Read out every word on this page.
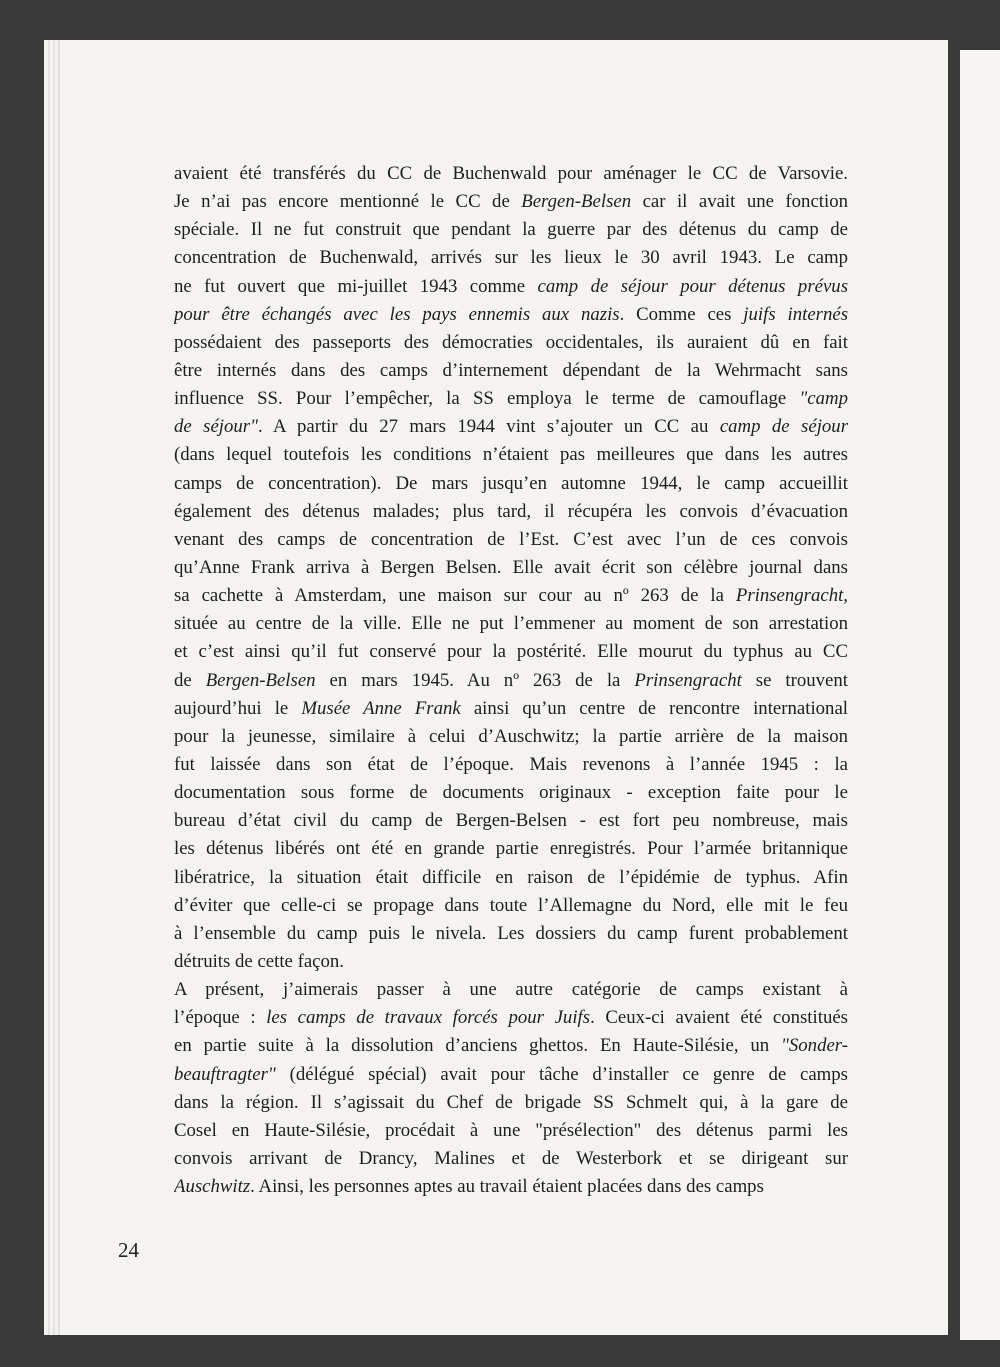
avaient été transférés du CC de Buchenwald pour aménager le CC de Varsovie.
Je n’ai pas encore mentionné le CC de Bergen-Belsen car il avait une fonction
spéciale. Il ne fut construit que pendant la guerre par des détenus du camp de
concentration de Buchenwald, arrivés sur les lieux le 30 avril 1943. Le camp
ne fut ouvert que mi-juillet 1943 comme camp de séjour pour détenus prévus
pour être échangés avec les pays ennemis aux nazis. Comme ces juifs internés
possédaient des passeports des démocraties occidentales, ils auraient dû en fait
être internés dans des camps d’internement dépendant de la Wehrmacht sans
influence SS. Pour l’empêcher, la SS employa le terme de camouflage "camp
de séjour". A partir du 27 mars 1944 vint s’ajouter un CC au camp de séjour
(dans lequel toutefois les conditions n’étaient pas meilleures que dans les autres
camps de concentration). De mars jusqu’en automne 1944, le camp accueillit
également des détenus malades; plus tard, il récupéra les convois d’évacuation
venant des camps de concentration de l’Est. C’est avec l’un de ces convois
qu’Anne Frank arriva à Bergen Belsen. Elle avait écrit son célèbre journal dans
sa cachette à Amsterdam, une maison sur cour au nº 263 de la Prinsengracht,
située au centre de la ville. Elle ne put l’emmener au moment de son arrestation
et c’est ainsi qu’il fut conservé pour la postérité. Elle mourut du typhus au CC
de Bergen-Belsen en mars 1945. Au nº 263 de la Prinsengracht se trouvent
aujourd’hui le Musée Anne Frank ainsi qu’un centre de rencontre international
pour la jeunesse, similaire à celui d’Auschwitz; la partie arrière de la maison
fut laissée dans son état de l’époque. Mais revenons à l’année 1945 : la
documentation sous forme de documents originaux - exception faite pour le
bureau d’état civil du camp de Bergen-Belsen - est fort peu nombreuse, mais
les détenus libérés ont été en grande partie enregistrés. Pour l’armée britannique
libératrice, la situation était difficile en raison de l’épidémie de typhus. Afin
d’éviter que celle-ci se propage dans toute l’Allemagne du Nord, elle mit le feu
à l’ensemble du camp puis le nivela. Les dossiers du camp furent probablement
détruits de cette façon.
A présent, j’aimerais passer à une autre catégorie de camps existant à
l’époque : les camps de travaux forcés pour Juifs. Ceux-ci avaient été constitués
en partie suite à la dissolution d’anciens ghettos. En Haute-Silésie, un "Sonder-
beauftragter" (délégué spécial) avait pour tâche d’installer ce genre de camps
dans la région. Il s’agissait du Chef de brigade SS Schmelt qui, à la gare de
Cosel en Haute-Silésie, procédait à une "présélection" des détenus parmi les
convois arrivant de Drancy, Malines et de Westerbork et se dirigeant sur
Auschwitz. Ainsi, les personnes aptes au travail étaient placées dans des camps
24
